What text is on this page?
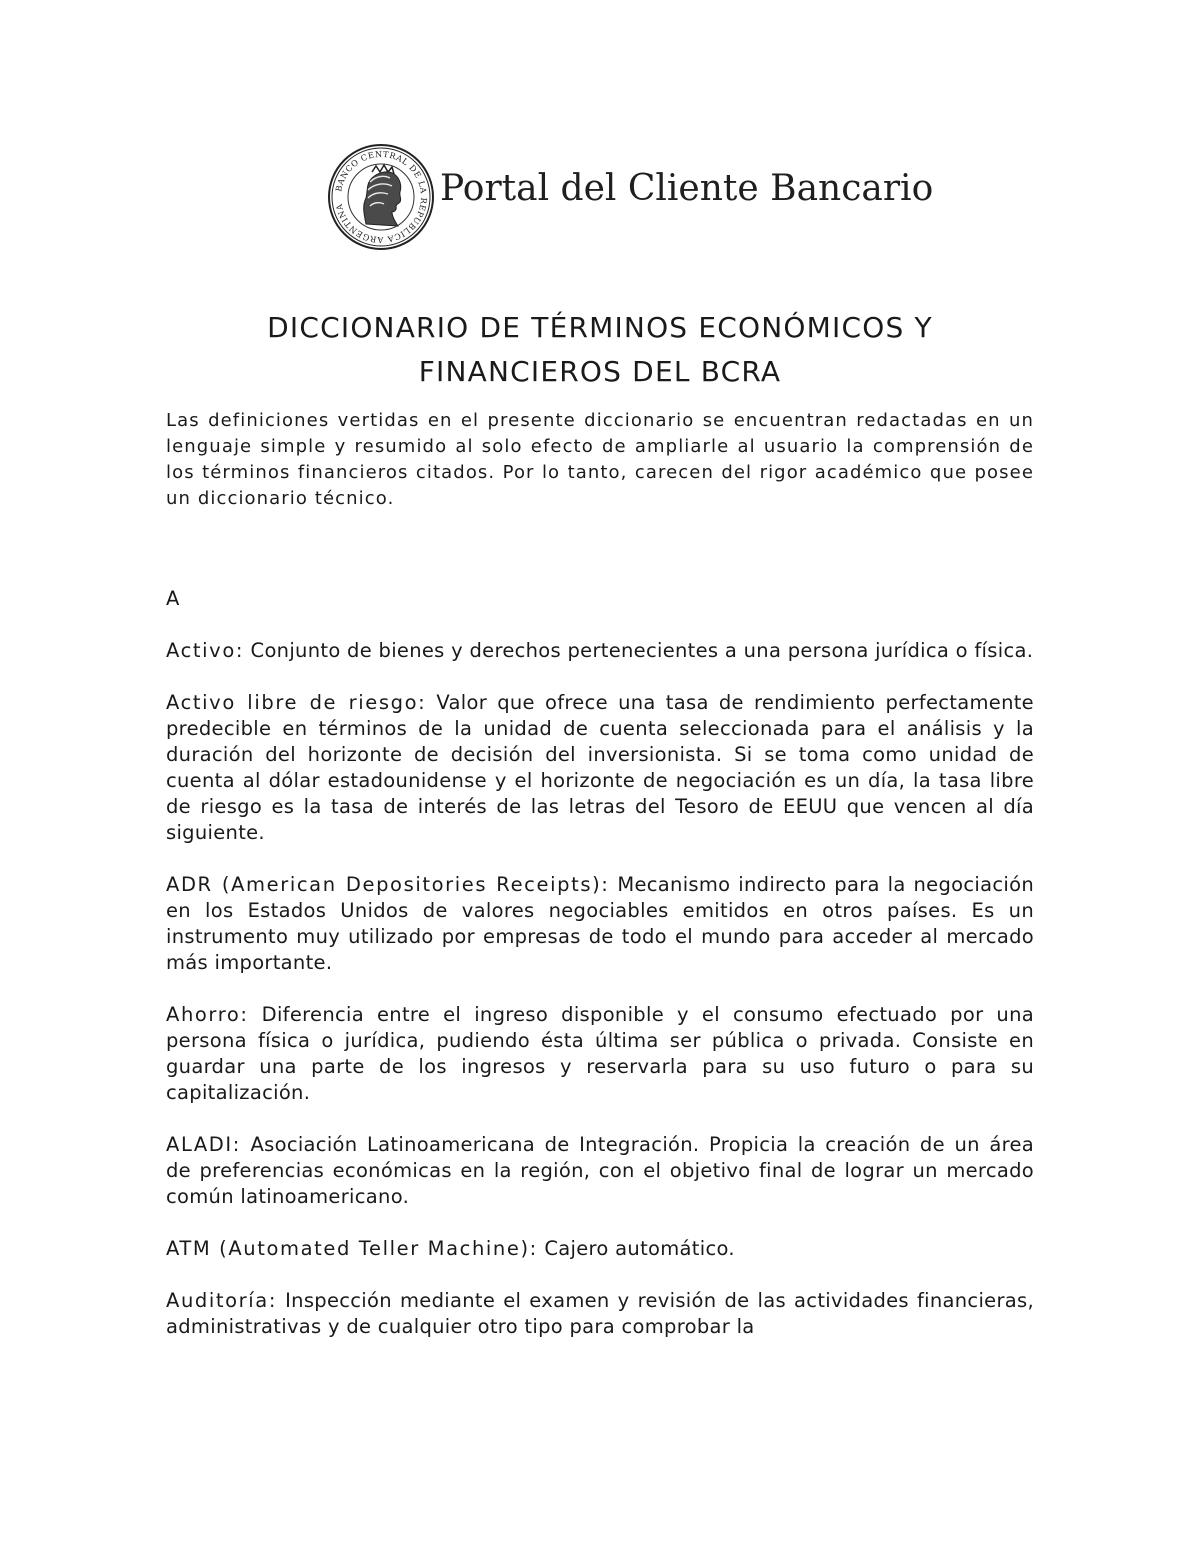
BANCO CENTRAL DE LA REPUBLICA ARGENTINA	Portal del Cliente Bancario
DICCIONARIO DE TÉRMINOS ECONÓMICOS Y
FINANCIEROS DEL BCRA

Las definiciones vertidas en el presente diccionario se encuentran redactadas en un lenguaje simple y resumido al solo efecto de ampliarle al usuario la comprensión de los términos financieros citados. Por lo tanto, carecen del rigor académico que posee un diccionario técnico.

A

Activo: Conjunto de bienes y derechos pertenecientes a una persona jurídica o física.

Activo libre de riesgo: Valor que ofrece una tasa de rendimiento perfectamente predecible en términos de la unidad de cuenta seleccionada para el análisis y la duración del horizonte de decisión del inversionista. Si se toma como unidad de cuenta al dólar estadounidense y el horizonte de negociación es un día, la tasa libre de riesgo es la tasa de interés de las letras del Tesoro de EEUU que vencen al día siguiente.

ADR (American Depositories Receipts): Mecanismo indirecto para la negociación en los Estados Unidos de valores negociables emitidos en otros países. Es un instrumento muy utilizado por empresas de todo el mundo para acceder al mercado más importante.

Ahorro: Diferencia entre el ingreso disponible y el consumo efectuado por una persona física o jurídica, pudiendo ésta última ser pública o privada. Consiste en guardar una parte de los ingresos y reservarla para su uso futuro o para su capitalización.

ALADI: Asociación Latinoamericana de Integración. Propicia la creación de un área de preferencias económicas en la región, con el objetivo final de lograr un mercado común latinoamericano.

ATM (Automated Teller Machine): Cajero automático.

Auditoría: Inspección mediante el examen y revisión de las actividades financieras, administrativas y de cualquier otro tipo para comprobar la
